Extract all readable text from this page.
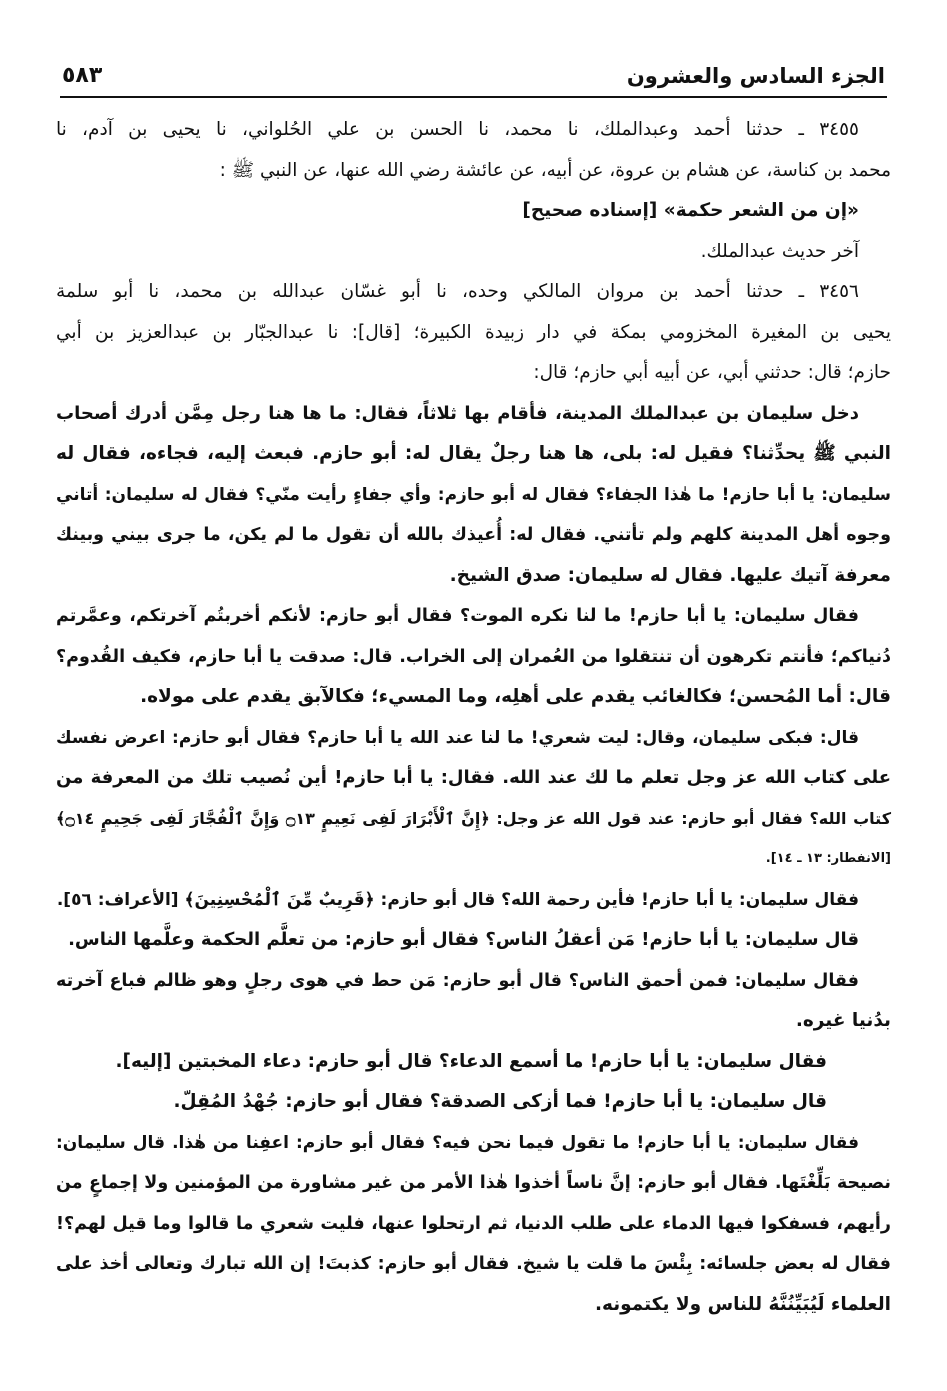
الجزء السادس والعشرون
٥٨٣
٣٤٥٥ ـ حدثنا أحمد وعبدالملك، نا محمد، نا الحسن بن علي الحُلواني، نا يحيى بن آدم، نا
محمد بن كناسة، عن هشام بن عروة، عن أبيه، عن عائشة رضي الله عنها، عن النبي ﷺ :
«إن من الشعر حكمة» [إسناده صحيح]
آخر حديث عبدالملك.
٣٤٥٦ ـ حدثنا أحمد بن مروان المالكي وحده، نا أبو غسّان عبدالله بن محمد، نا أبو سلمة
يحيى بن المغيرة المخزومي بمكة في دار زبيدة الكبيرة؛ [قال]: نا عبدالجبّار بن عبدالعزيز بن أبي
حازم؛ قال: حدثني أبي، عن أبيه أبي حازم؛ قال:
دخل سليمان بن عبدالملك المدينة، فأقام بها ثلاثاً، فقال: ما ها هنا رجل مِمَّن أدرك أصحاب
النبي ﷺ يحدِّثنا؟ فقيل له: بلى، ها هنا رجلٌ يقال له: أبو حازم. فبعث إليه، فجاءه، فقال له
سليمان: يا أبا حازم! ما هٰذا الجفاء؟ فقال له أبو حازم: وأي جفاءٍ رأيت منّي؟ فقال له سليمان: أتاني
وجوه أهل المدينة كلهم ولم تأتني. فقال له: أُعيذك بالله أن تقول ما لم يكن، ما جرى بيني وبينك
معرفة آتيك عليها. فقال له سليمان: صدق الشيخ.
فقال سليمان: يا أبا حازم! ما لنا نكره الموت؟ فقال أبو حازم: لأنكم أخربتُم آخرتكم، وعمَّرتم
دُنياكم؛ فأنتم تكرهون أن تنتقلوا من العُمران إلى الخراب. قال: صدقت يا أبا حازم، فكيف القُدوم؟
قال: أما المُحسن؛ فكالغائب يقدم على أهلِه، وما المسيء؛ فكالآبق يقدم على مولاه.
قال: فبكى سليمان، وقال: ليت شعري! ما لنا عند الله يا أبا حازم؟ فقال أبو حازم: اعرض نفسك
على كتاب الله عز وجل تعلم ما لك عند الله. فقال: يا أبا حازم! أين نُصيب تلك من المعرفة من
كتاب الله؟ فقال أبو حازم: عند قول الله عز وجل: ﴿إِنَّ ٱلْأَبْرَارَ لَفِى نَعِيمٍ ۝١٣ وَإِنَّ ٱلْفُجَّارَ لَفِى جَحِيمٍ ۝١٤﴾
[الانفطار: ١٣ ـ ١٤].
فقال سليمان: يا أبا حازم! فأين رحمة الله؟ قال أبو حازم: ﴿قَرِيبٌ مِّنَ ٱلْمُحْسِنِينَ﴾ [الأعراف: ٥٦].
قال سليمان: يا أبا حازم! مَن أعقلُ الناس؟ فقال أبو حازم: من تعلَّم الحكمة وعلَّمها الناس.
فقال سليمان: فمن أحمق الناس؟ قال أبو حازم: مَن حط في هوى رجلٍ وهو ظالم فباع آخرته
بدُنيا غيره.
فقال سليمان: يا أبا حازم! ما أسمع الدعاء؟ قال أبو حازم: دعاء المخبتين [إليه].
قال سليمان: يا أبا حازم! فما أزكى الصدقة؟ فقال أبو حازم: جُهْدُ المُقِلّ.
فقال سليمان: يا أبا حازم! ما تقول فيما نحن فيه؟ فقال أبو حازم: اعفِنا من هٰذا. قال سليمان:
نصيحة بَلِّغْتَها. فقال أبو حازم: إنَّ ناساً أخذوا هٰذا الأمر من غير مشاورة من المؤمنين ولا إجماعٍ من
رأيهم، فسفكوا فيها الدماء على طلب الدنيا، ثم ارتحلوا عنها، فليت شعري ما قالوا وما قيل لهم؟!
فقال له بعض جلسائه: بِئْسَ ما قلت يا شيخ. فقال أبو حازم: كذبتَ! إن الله تبارك وتعالى أخذ على
العلماء لَيُبَيِّنُنَّهُ للناس ولا يكتمونه.
